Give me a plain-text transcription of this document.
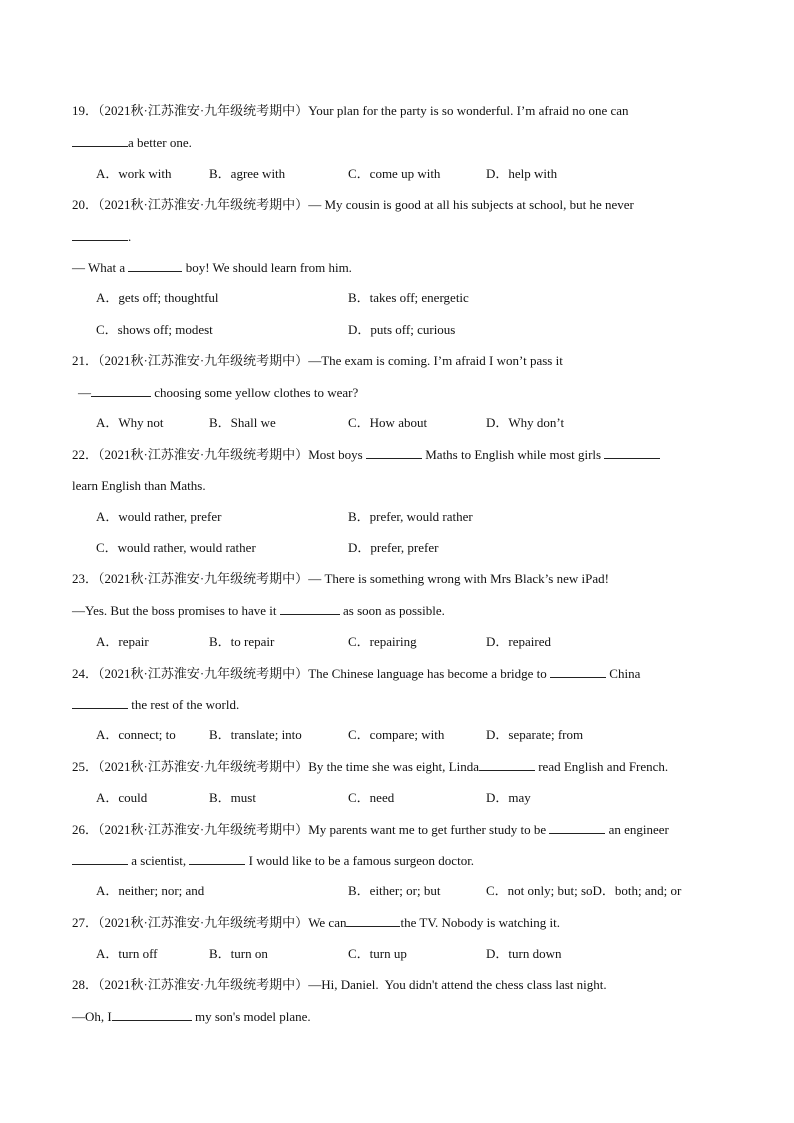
19．（2021秋·江苏淮安·九年级统考期中）Your plan for the party is so wonderful. I’m afraid no one can
a better one.
A．work with	B．agree with	C．come up with	D．help with
20．（2021秋·江苏淮安·九年级统考期中）— My cousin is good at all his subjects at school, but he never
.
— What a	boy! We should learn from him.
A．gets off; thoughtful	B．takes off; energetic
C．shows off; modest	D．puts off; curious
21．（2021秋·江苏淮安·九年级统考期中）—The exam is coming. I’m afraid I won’t pass it
—	choosing some yellow clothes to wear?
A．Why not	B．Shall we	C．How about	D．Why don’t
22．（2021秋·江苏淮安·九年级统考期中）Most boys	Maths to English while most girls
learn English than Maths.
A．would rather, prefer	B．prefer, would rather
C．would rather, would rather	D．prefer, prefer
23．（2021秋·江苏淮安·九年级统考期中）— There is something wrong with Mrs Black’s new iPad!
—Yes. But the boss promises to have it	as soon as possible.
A．repair	B．to repair	C．repairing	D．repaired
24．（2021秋·江苏淮安·九年级统考期中）The Chinese language has become a bridge to	China
the rest of the world.
A．connect; to	B．translate; into	C．compare; with	D．separate; from
25．（2021秋·江苏淮安·九年级统考期中）By the time she was eight, Linda	read English and French.
A．could	B．must	C．need	D．may
26．（2021秋·江苏淮安·九年级统考期中）My parents want me to get further study to be	an engineer
a scientist,	I would like to be a famous surgeon doctor.
A．neither; nor; and	B．either; or; but	C．not only; but; soD．both; and; or
27．（2021秋·江苏淮安·九年级统考期中）We can	the TV. Nobody is watching it.
A．turn off	B．turn on	C．turn up	D．turn down
28．（2021秋·江苏淮安·九年级统考期中）—Hi, Daniel.  You didn't attend the chess class last night.
—Oh, I	my son's model plane.
